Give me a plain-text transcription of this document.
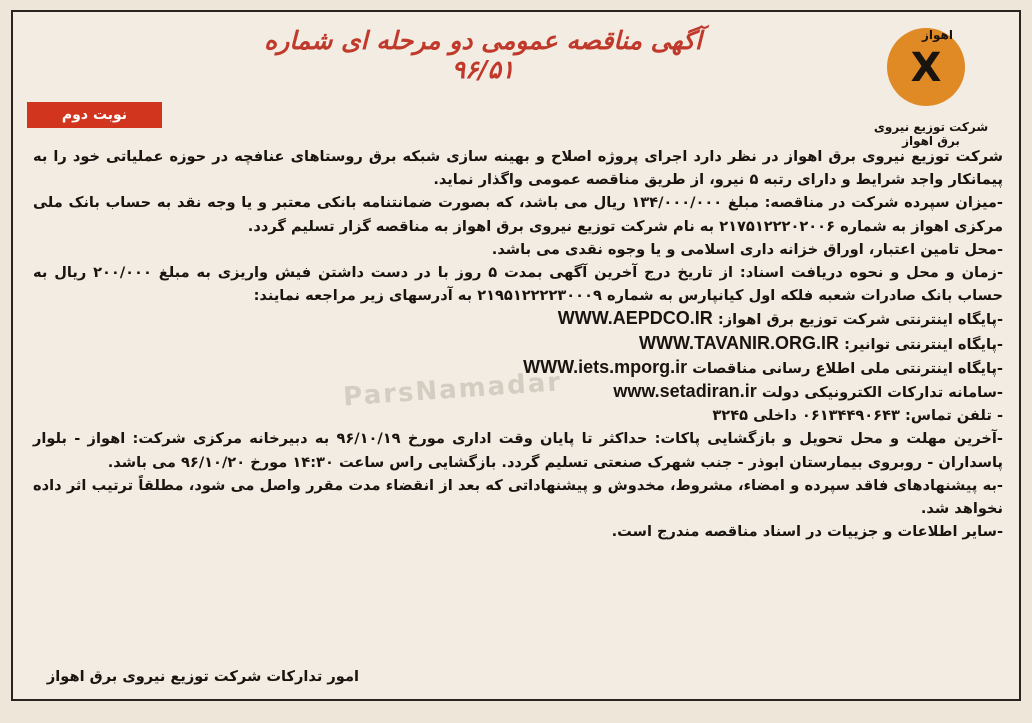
آگهی مناقصه عمومی دو مرحله ای شماره ۹۶/۵۱
اهواز
X
شرکت توزیع نیروی برق اهواز
نوبت دوم
ParsNamadar

شرکت توزیع نیروی برق اهواز در نظر دارد اجرای پروژه اصلاح و بهینه سازی شبکه برق روستاهای عنافچه در حوزه عملیاتی خود را به پیمانکار واجد شرایط و دارای رتبه ۵ نیرو، از طریق مناقصه عمومی واگذار نماید.

-میزان سپرده شرکت در مناقصه: مبلغ ۱۳۴/۰۰۰/۰۰۰ ریال می باشد، که بصورت ضمانتنامه بانکی معتبر و یا وجه نقد به حساب بانک ملی مرکزی اهواز به شماره ۲۱۷۵۱۲۲۲۰۲۰۰۶ به نام شرکت توزیع نیروی برق اهواز به مناقصه گزار تسلیم گردد.

-محل تامین اعتبار، اوراق خزانه داری اسلامی و یا وجوه نقدی می باشد.

-زمان و محل و نحوه دریافت اسناد: از تاریخ درج آخرین آگهی بمدت ۵ روز با در دست داشتن فیش واریزی به مبلغ ۲۰۰/۰۰۰ ریال به حساب بانک صادرات شعبه فلکه اول کیانپارس به شماره ۲۱۹۵۱۲۲۲۲۳۰۰۰۹ به آدرسهای زیر مراجعه نمایند:

-پایگاه اینترنتی شرکت توزیع برق اهواز: WWW.AEPDCO.IR

-پایگاه اینترنتی توانیر: WWW.TAVANIR.ORG.IR

-پایگاه اینترنتی ملی اطلاع رسانی مناقصات WWW.iets.mporg.ir

-سامانه تدارکات الکترونیکی دولت www.setadiran.ir

- تلفن تماس: ۰۶۱۳۴۴۹۰۶۴۳ داخلی ۳۲۴۵

-آخرین مهلت و محل تحویل و بازگشایی پاکات: حداکثر تا پایان وقت اداری مورخ ۹۶/۱۰/۱۹ به دبیرخانه مرکزی شرکت: اهواز - بلوار پاسداران - روبروی بیمارستان ابوذر - جنب شهرک صنعتی تسلیم گردد. بازگشایی راس ساعت ۱۴:۳۰ مورخ ۹۶/۱۰/۲۰ می باشد.

-به پیشنهادهای فاقد سپرده و امضاء، مشروط، مخدوش و پیشنهاداتی که بعد از انقضاء مدت مقرر واصل می شود، مطلقاً ترتیب اثر داده نخواهد شد.

-سایر اطلاعات و جزییات در اسناد مناقصه مندرج است.

امور تدارکات شرکت توزیع نیروی برق اهواز
